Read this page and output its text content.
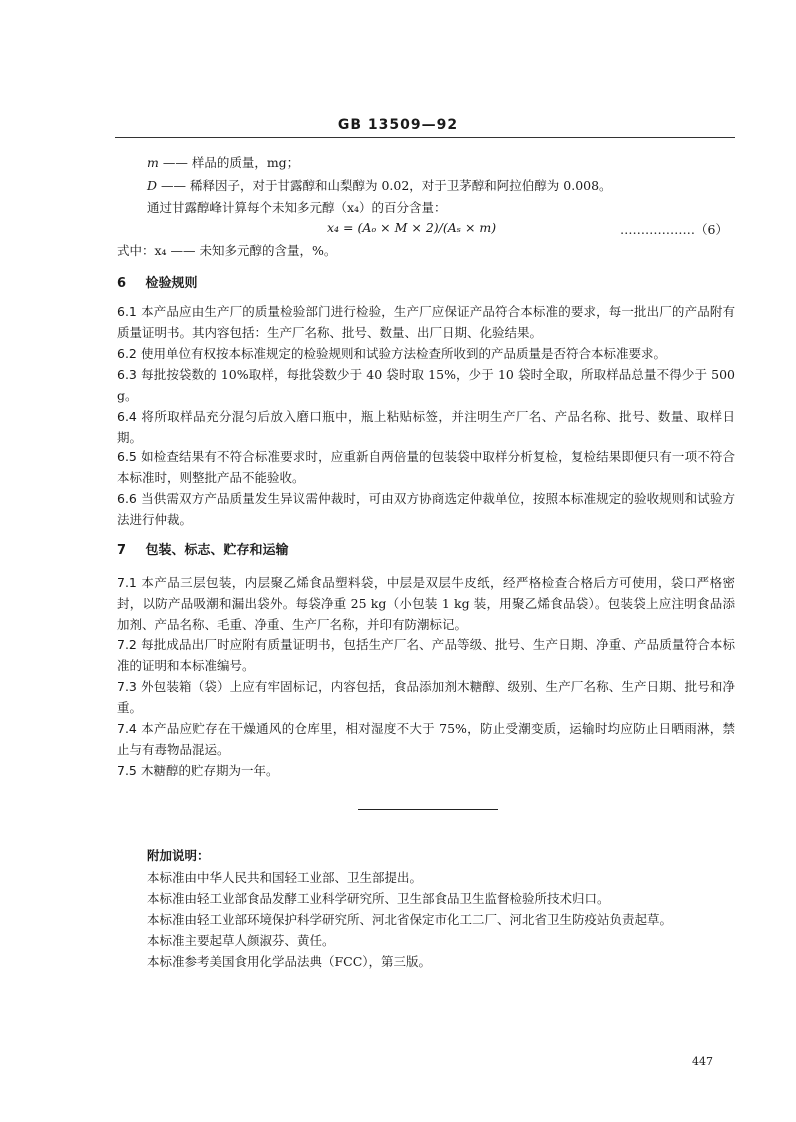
GB 13509—92
m —— 样品的质量，mg；
D —— 稀释因子，对于甘露醇和山梨醇为 0.02，对于卫茅醇和阿拉伯醇为 0.008。
通过甘露醇峰计算每个未知多元醇（x₄）的百分含量：
x₄ = (Aₒ × M × 2)/(Aₛ × m)	………………（6）
式中：x₄ —— 未知多元醇的含量，%。
6 检验规则
6.1 本产品应由生产厂的质量检验部门进行检验，生产厂应保证产品符合本标准的要求，每一批出厂的产品附有质量证明书。其内容包括：生产厂名称、批号、数量、出厂日期、化验结果。
6.2 使用单位有权按本标准规定的检验规则和试验方法检查所收到的产品质量是否符合本标准要求。
6.3 每批按袋数的 10%取样，每批袋数少于 40 袋时取 15%，少于 10 袋时全取，所取样品总量不得少于 500 g。
6.4 将所取样品充分混匀后放入磨口瓶中，瓶上粘贴标签，并注明生产厂名、产品名称、批号、数量、取样日期。
6.5 如检查结果有不符合标准要求时，应重新自两倍量的包装袋中取样分析复检，复检结果即便只有一项不符合本标准时，则整批产品不能验收。
6.6 当供需双方产品质量发生异议需仲裁时，可由双方协商选定仲裁单位，按照本标准规定的验收规则和试验方法进行仲裁。
7 包装、标志、贮存和运输
7.1 本产品三层包装，内层聚乙烯食品塑料袋，中层是双层牛皮纸，经严格检查合格后方可使用，袋口严格密封，以防产品吸潮和漏出袋外。每袋净重 25 kg（小包装 1 kg 装，用聚乙烯食品袋）。包装袋上应注明食品添加剂、产品名称、毛重、净重、生产厂名称，并印有防潮标记。
7.2 每批成品出厂时应附有质量证明书，包括生产厂名、产品等级、批号、生产日期、净重、产品质量符合本标准的证明和本标准编号。
7.3 外包装箱（袋）上应有牢固标记，内容包括，食品添加剂木糖醇、级别、生产厂名称、生产日期、批号和净重。
7.4 本产品应贮存在干燥通风的仓库里，相对湿度不大于 75%，防止受潮变质，运输时均应防止日晒雨淋，禁止与有毒物品混运。
7.5 木糖醇的贮存期为一年。
附加说明：
本标准由中华人民共和国轻工业部、卫生部提出。
本标准由轻工业部食品发酵工业科学研究所、卫生部食品卫生监督检验所技术归口。
本标准由轻工业部环境保护科学研究所、河北省保定市化工二厂、河北省卫生防疫站负责起草。
本标准主要起草人颜淑芬、黄任。
本标准参考美国食用化学品法典（FCC），第三版。
447
